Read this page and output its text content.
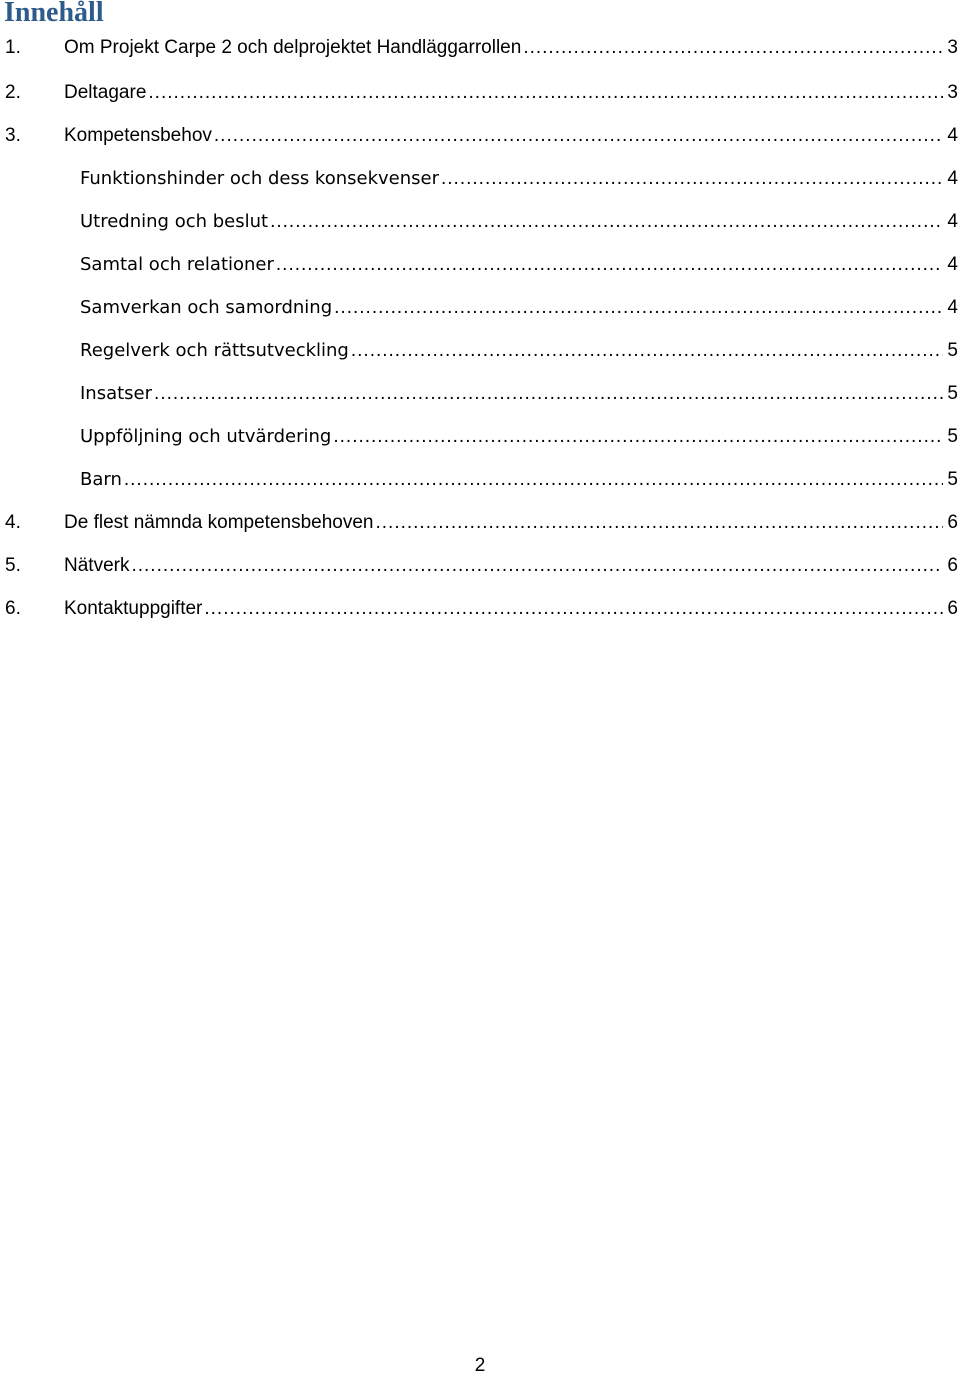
Innehåll
1.	Om Projekt Carpe 2 och delprojektet Handläggarrollen .....	3
2.	Deltagare .....	3
3.	Kompetensbehov .....	4
Funktionshinder och dess konsekvenser .....	4
Utredning och beslut .....	4
Samtal och relationer .....	4
Samverkan och samordning .....	4
Regelverk och rättsutveckling .....	5
Insatser .....	5
Uppföljning och utvärdering .....	5
Barn .....	5
4.	De flest nämnda kompetensbehoven .....	6
5.	Nätverk .....	6
6.	Kontaktuppgifter .....	6
2
